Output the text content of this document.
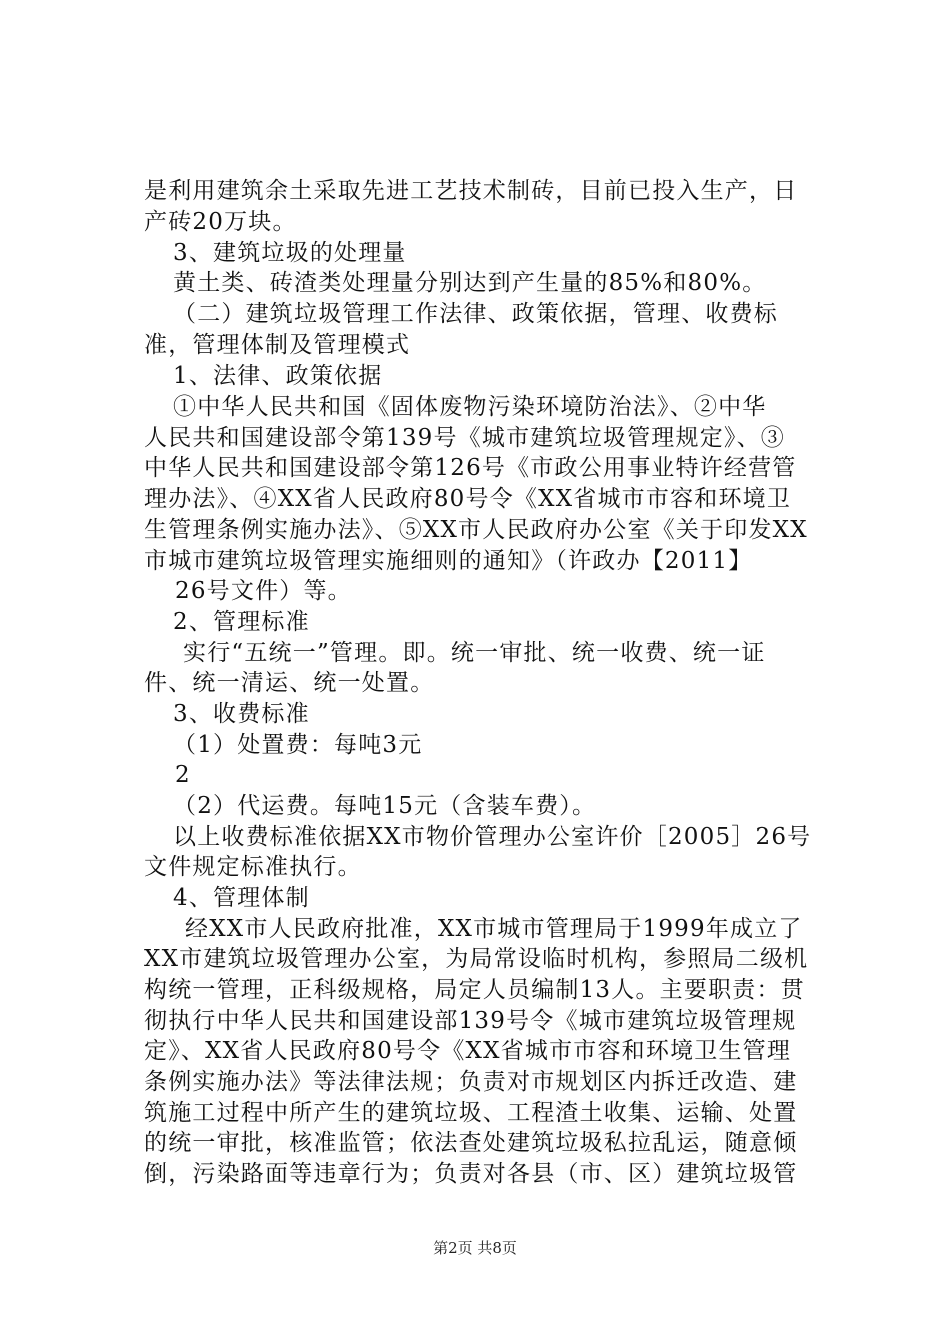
是利用建筑余土采取先进工艺技术制砖，目前已投入生产，日
产砖20万块。
3、建筑垃圾的处理量
黄土类、砖渣类处理量分别达到产生量的85%和80%。
（二）建筑垃圾管理工作法律、政策依据，管理、收费标
准，管理体制及管理模式
1、法律、政策依据
①中华人民共和国《固体废物污染环境防治法》、②中华
人民共和国建设部令第139号《城市建筑垃圾管理规定》、③
中华人民共和国建设部令第126号《市政公用事业特许经营管
理办法》、④XX省人民政府80号令《XX省城市市容和环境卫
生管理条例实施办法》、⑤XX市人民政府办公室《关于印发XX
市城市建筑垃圾管理实施细则的通知》（许政办【2011】
26号文件）等。
2、管理标准
实行“五统一”管理。即。统一审批、统一收费、统一证
件、统一清运、统一处置。
3、收费标准
（1）处置费：每吨3元
2
（2）代运费。每吨15元（含装车费）。
以上收费标准依据XX市物价管理办公室许价［2005］26号
文件规定标准执行。
4、管理体制
经XX市人民政府批准，XX市城市管理局于1999年成立了
XX市建筑垃圾管理办公室，为局常设临时机构，参照局二级机
构统一管理，正科级规格，局定人员编制13人。主要职责：贯
彻执行中华人民共和国建设部139号令《城市建筑垃圾管理规
定》、XX省人民政府80号令《XX省城市市容和环境卫生管理
条例实施办法》等法律法规；负责对市规划区内拆迁改造、建
筑施工过程中所产生的建筑垃圾、工程渣土收集、运输、处置
的统一审批，核准监管；依法查处建筑垃圾私拉乱运，随意倾
倒，污染路面等违章行为；负责对各县（市、区）建筑垃圾管
第2页 共8页
